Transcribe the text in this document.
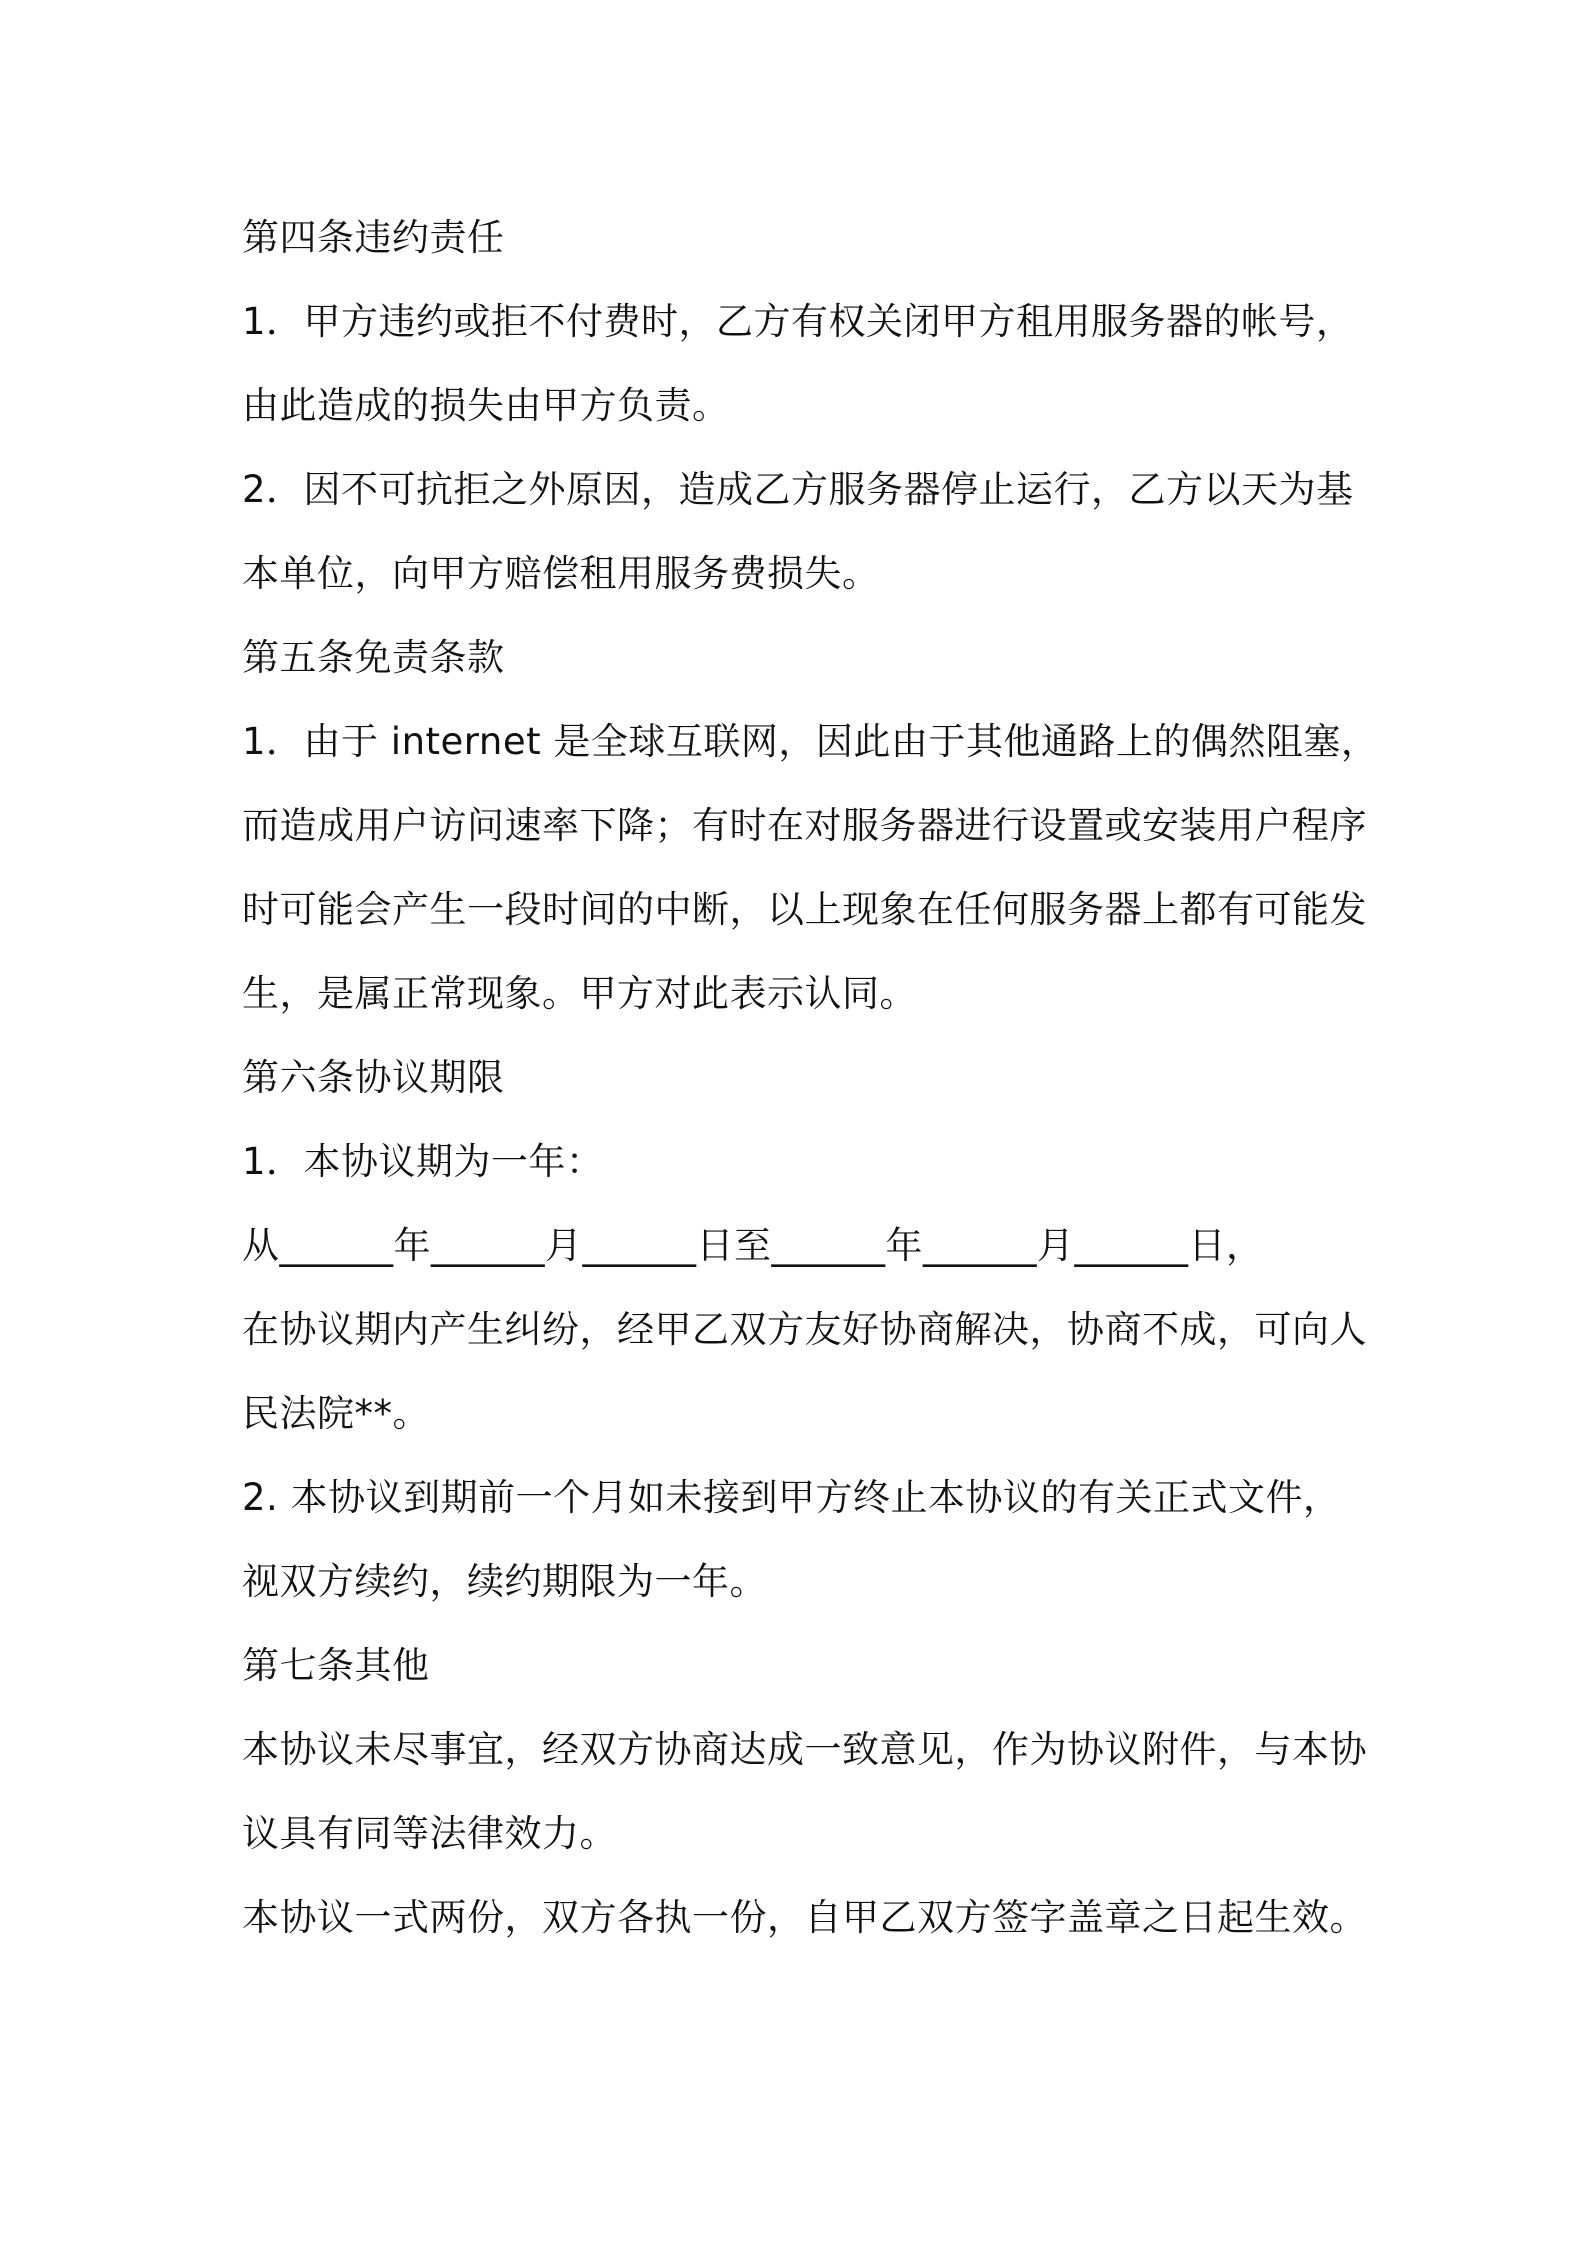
第四条违约责任
1．甲方违约或拒不付费时，乙方有权关闭甲方租用服务器的帐号，
由此造成的损失由甲方负责。
2．因不可抗拒之外原因，造成乙方服务器停止运行，乙方以天为基
本单位，向甲方赔偿租用服务费损失。
第五条免责条款
1．由于 internet 是全球互联网，因此由于其他通路上的偶然阻塞，
而造成用户访问速率下降；有时在对服务器进行设置或安装用户程序
时可能会产生一段时间的中断，以上现象在任何服务器上都有可能发
生，是属正常现象。甲方对此表示认同。
第六条协议期限
1．本协议期为一年：
从______年______月______日至______年______月______日，
在协议期内产生纠纷，经甲乙双方友好协商解决，协商不成，可向人
民法院**。
2. 本协议到期前一个月如未接到甲方终止本协议的有关正式文件，
视双方续约，续约期限为一年。
第七条其他
本协议未尽事宜，经双方协商达成一致意见，作为协议附件，与本协
议具有同等法律效力。
本协议一式两份，双方各执一份，自甲乙双方签字盖章之日起生效。
